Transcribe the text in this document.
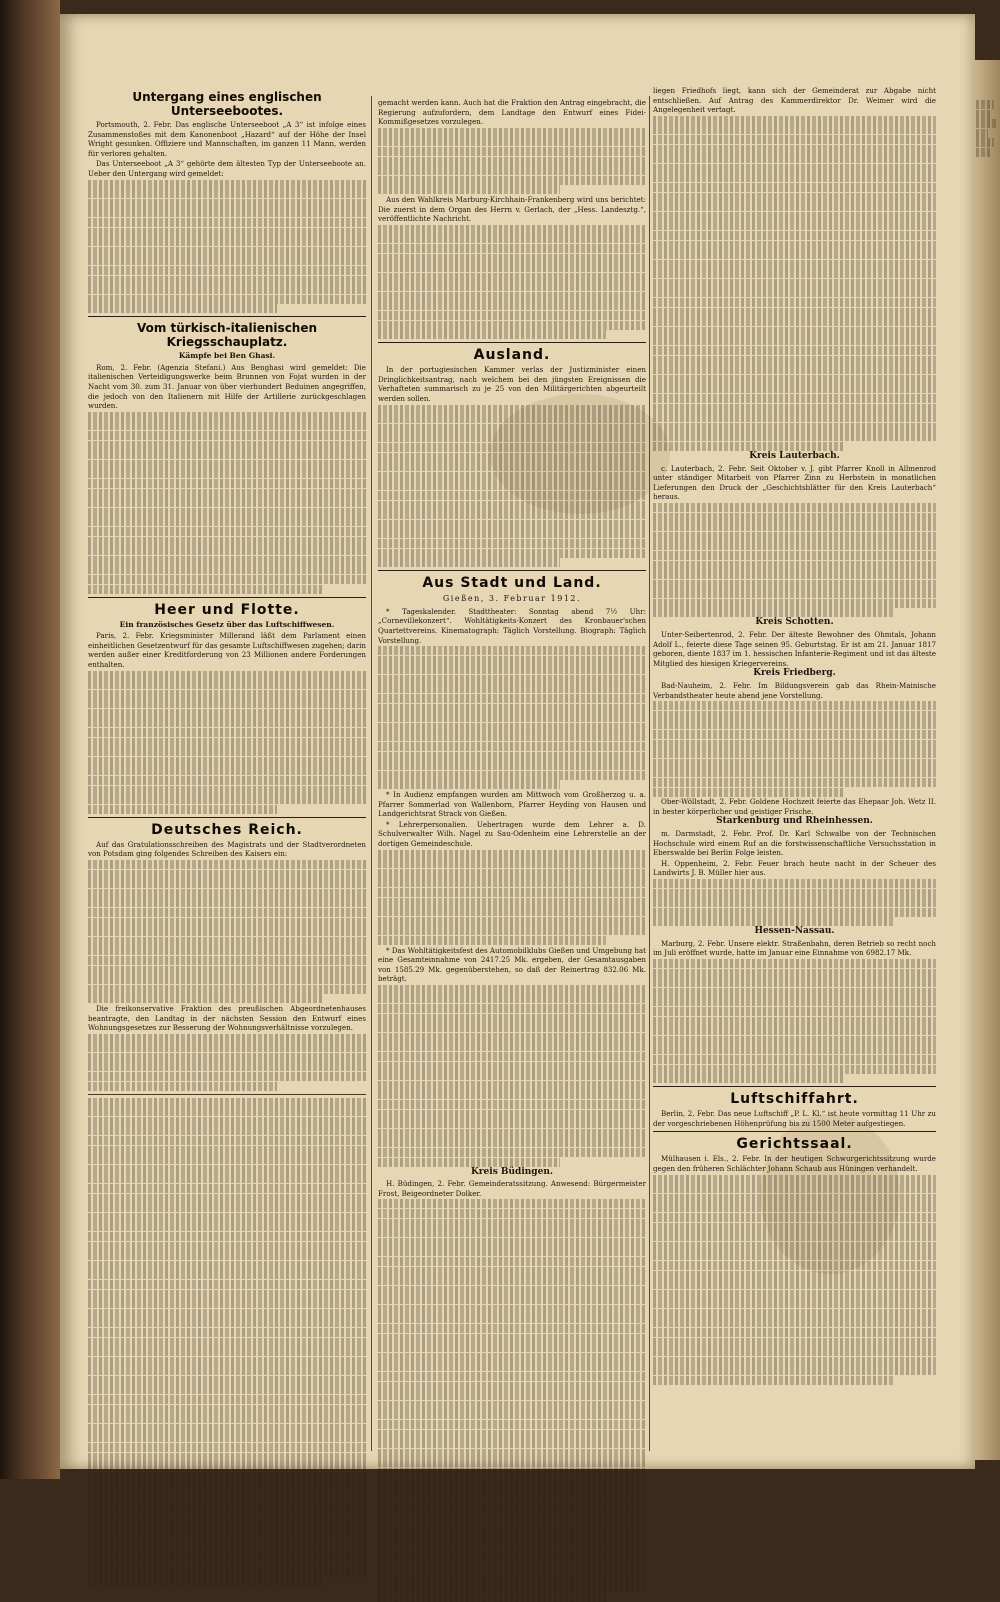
Untergang eines englischen Unterseebootes.

Portsmouth, 2. Febr. Das englische Unterseeboot „A 3“ ist infolge eines Zusammenstoßes mit dem Kanonenboot „Hazard“ auf der Höhe der Insel Wright gesunken. Offiziere und Mannschaften, im ganzen 11 Mann, werden für verloren gehalten.

Das Unterseeboot „A 3“ gehörte dem ältesten Typ der Unterseeboote an. Ueber den Untergang wird gemeldet:

Vom türkisch-italienischen Kriegsschauplatz.
Kämpfe bei Ben Ghasi.

Rom, 2. Febr. (Agenzia Stefani.) Aus Benghasi wird gemeldet: Die italienischen Verteidigungswerke beim Brunnen von Fojat wurden in der Nacht vom 30. zum 31. Januar von über vierhundert Beduinen angegriffen, die jedoch von den Italienern mit Hilfe der Artillerie zurückgeschlagen wurden.

Heer und Flotte.
Ein französisches Gesetz über das Luftschiffwesen.

Paris, 2. Febr. Kriegsminister Millerand läßt dem Parlament einen einheitlichen Gesetzentwurf für das gesamte Luftschiffwesen zugehen; darin werden außer einer Kreditforderung von 23 Millionen andere Forderungen enthalten.

Deutsches Reich.

Auf das Gratulationsschreiben des Magistrats und der Stadtverordneten von Potsdam ging folgendes Schreiben des Kaisers ein:

Die freikonservative Fraktion des preußischen Abgeordnetenhauses beantragte, den Landtag in der nächsten Session den Entwurf eines Wohnungsgesetzes zur Besserung der Wohnungsverhältnisse vorzulegen.

gemacht werden kann. Auch hat die Fraktion den Antrag eingebracht, die Regierung aufzufordern, dem Landtage den Entwurf eines Fidei-Kommißgesetzes vorzulegen.

Aus den Wahlkreis Marburg-Kirchhain-Frankenberg wird uns berichtet: Die zuerst in dem Organ des Herrn v. Gerlach, der „Hess. Landesztg.“, veröffentlichte Nachricht.

Ausland.

In der portugiesischen Kammer verlas der Justizminister einen Dringlichkeitsantrag, nach welchem bei den jüngsten Ereignissen die Verhafteten summarisch zu je 25 von den Militärgerichten abgeurteilt werden sollen.

Aus Stadt und Land.
Gießen, 3. Februar 1912.

* Tageskalender. Stadttheater: Sonntag abend 7½ Uhr: „Cornevillekonzert“. Wohltätigkeits-Konzert des Kronbauer'schen Quartettvereins. Kinematograph: Täglich Vorstellung. Biograph: Täglich Vorstellung.

* In Audienz empfangen wurden am Mittwoch vom Großherzog u. a. Pfarrer Sommerlad von Wallenborn, Pfarrer Heyding von Hausen und Landgerichtsrat Strack von Gießen.

* Lehrerpersonalien. Uebertragen wurde dem Lehrer a. D. Schulverwalter Wilh. Nagel zu Sau-Odenheim eine Lehrerstelle an der dortigen Gemeindeschule.

* Das Wohltätigkeitsfest des Automobilklubs Gießen und Umgebung hat eine Gesamteinnahme von 2417.25 Mk. ergeben, der Gesamtausgaben von 1585.29 Mk. gegenüberstehen, so daß der Reinertrag 832.06 Mk. beträgt.

Kreis Büdingen.

H. Büdingen, 2. Febr. Gemeinderatssitzung. Anwesend: Bürgermeister Frost, Beigeordneter Dolker.

liegen Friedhofs liegt, kann sich der Gemeinderat zur Abgabe nicht entschließen. Auf Antrag des Kammerdirektor Dr. Weimer wird die Angelegenheit vertagt.

Kreis Lauterbach.

c. Lauterbach, 2. Febr. Seit Oktober v. J. gibt Pfarrer Knoll in Allmenrod unter ständiger Mitarbeit von Pfarrer Zinn zu Herbstein in monatlichen Lieferungen den Druck der „Geschichtsblätter für den Kreis Lauterbach“ heraus.

Kreis Schotten.

Unter-Seibertenrod, 2. Febr. Der älteste Bewohner des Ohmtals, Johann Adolf L., feierte diese Tage seinen 95. Geburtstag. Er ist am 21. Januar 1817 geboren, diente 1837 im 1. hessischen Infanterie-Regiment und ist das älteste Mitglied des hiesigen Kriegervereins.

Kreis Friedberg.

Bad-Nauheim, 2. Febr. Im Bildungsverein gab das Rhein-Mainische Verbandstheater heute abend jene Vorstellung.

Ober-Wöllstadt, 2. Febr. Goldene Hochzeit feierte das Ehepaar Joh. Wetz II. in bester körperlicher und geistiger Frische.

Starkenburg und Rheinhessen.

m. Darmstadt, 2. Febr. Prof. Dr. Karl Schwalbe von der Technischen Hochschule wird einem Ruf an die forstwissenschaftliche Versuchsstation in Eberswalde bei Berlin Folge leisten.

H. Oppenheim, 2. Febr. Feuer brach heute nacht in der Scheuer des Landwirts J. B. Müller hier aus.

Hessen-Nassau.

Marburg, 2. Febr. Unsere elektr. Straßenbahn, deren Betrieb so recht noch im Juli eröffnet wurde, hatte im Januar eine Einnahme von 6982.17 Mk.

Luftschiffahrt.

Berlin, 2. Febr. Das neue Luftschiff „P. L. Kl.“ ist heute vormittag 11 Uhr zu der vorgeschriebenen Höhenprüfung bis zu 1500 Meter aufgestiegen.

Gerichtssaal.

Mülhausen i. Els., 2. Febr. In der heutigen Schwurgerichtssitzung wurde gegen den früheren Schlächter Johann Schaub aus Hüningen verhandelt.
